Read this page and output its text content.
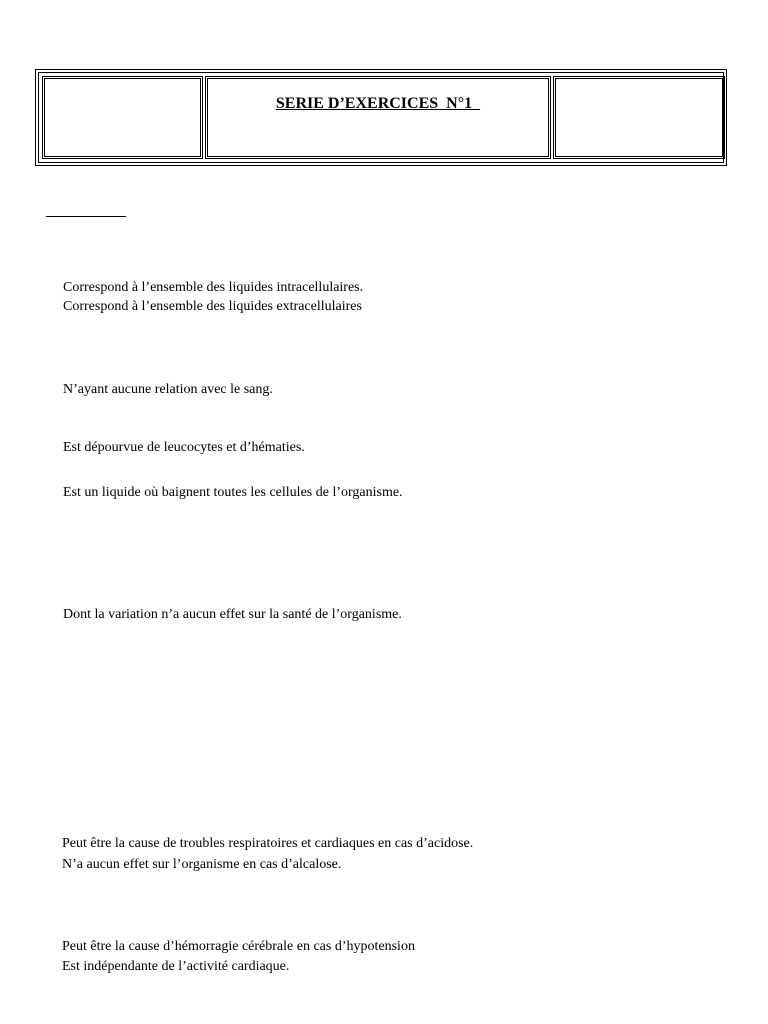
SERIE D’EXERCICES  N°1
Correspond à l’ensemble des liquides intracellulaires.
Correspond à l’ensemble des liquides extracellulaires
N’ayant aucune relation avec le sang.
Est dépourvue de leucocytes et d’hématies.
Est un liquide où baignent toutes les cellules de l’organisme.
Dont la variation n’a aucun effet sur la santé de l’organisme.
Peut être la cause de troubles respiratoires et cardiaques en cas d’acidose.
N’a aucun effet sur l’organisme en cas d’alcalose.
Peut être la cause d’hémorragie cérébrale en cas d’hypotension
Est indépendante de l’activité cardiaque.
